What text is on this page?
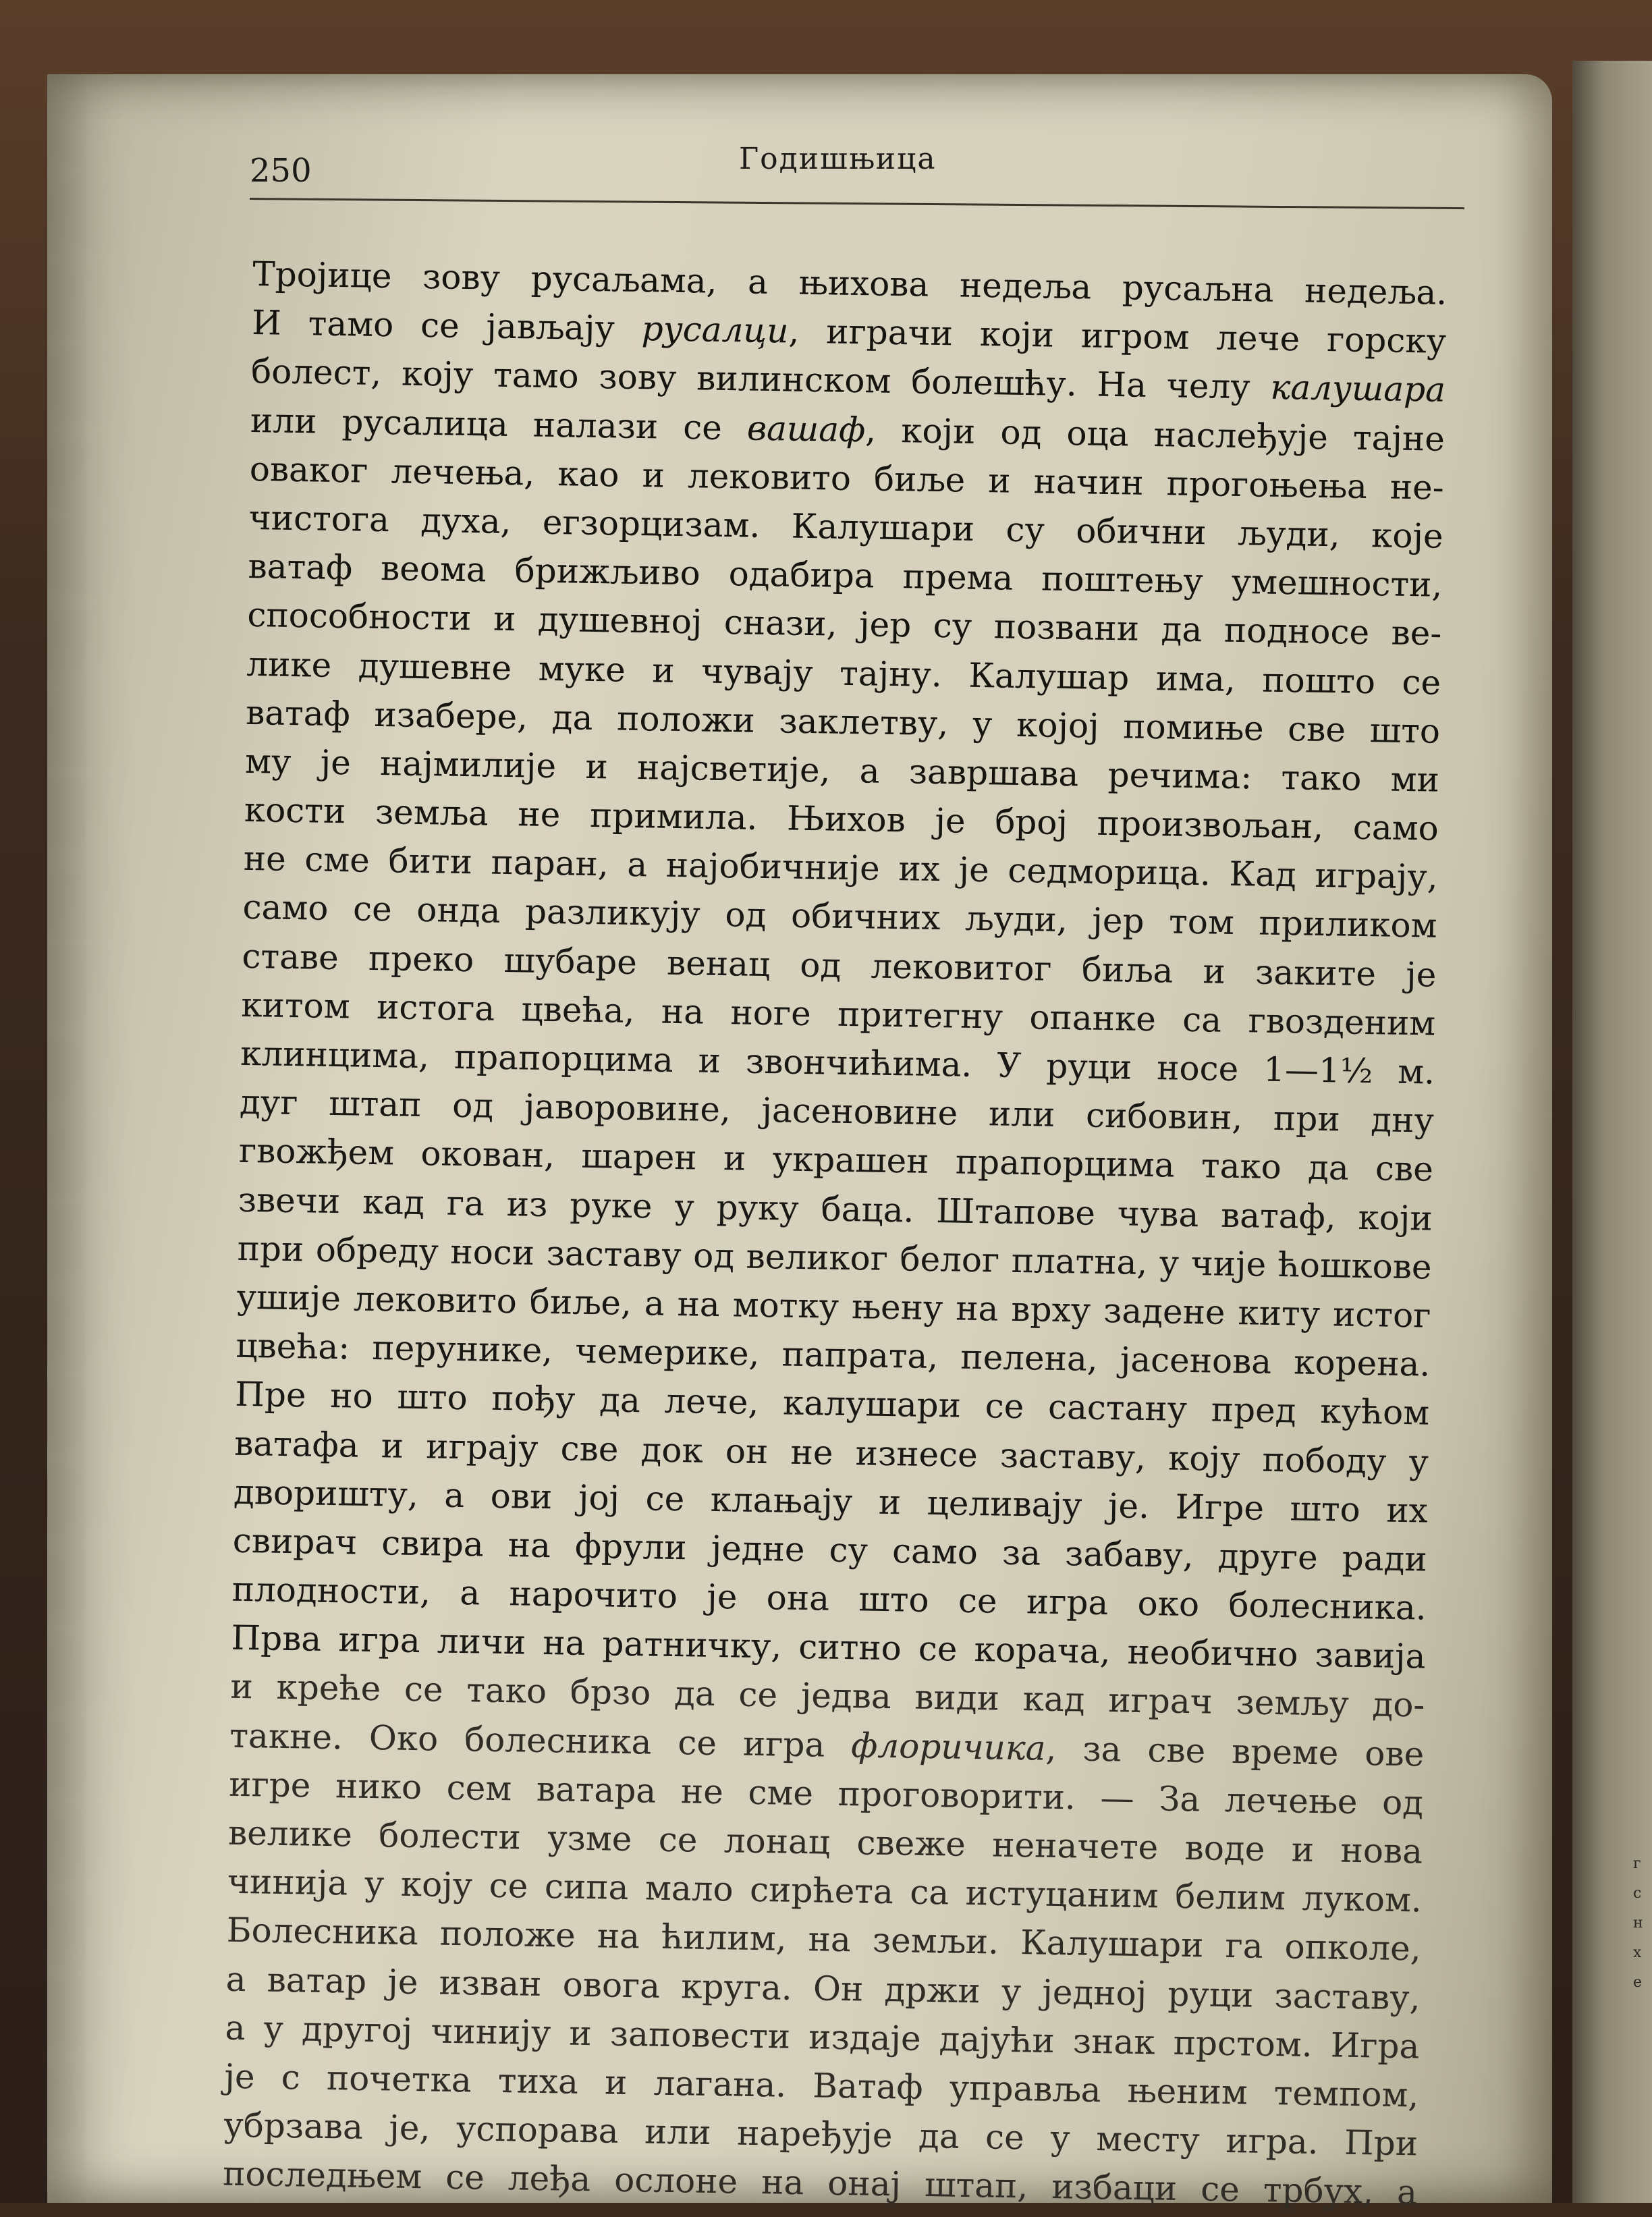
г
с
н
х
е
250	Годишњица
Тројице зову русаљама, а њихова недеља русаљна недеља.
И тамо се јављају русалци, играчи који игром лече горску
болест, коју тамо зову вилинском болешћу. На челу калушара
или русалица налази се вашаф, који од оца наслеђује тајне
оваког лечења, као и лековито биље и начин прогоњења не-
чистога духа, егзорцизам. Калушари су обични људи, које
ватаф веома брижљиво одабира према поштењу умешности,
способности и душевној снази, јер су позвани да подносе ве-
лике душевне муке и чувају тајну. Калушар има, пошто се
ватаф изабере, да положи заклетву, у којој помиње све што
му је најмилије и најсветије, а завршава речима: тако ми
кости земља не примила. Њихов је број произвољан, само
не сме бити паран, а најобичније их је седморица. Кад играју,
само се онда разликују од обичних људи, јер том приликом
ставе преко шубаре венац од лековитог биља и закитe је
китом истога цвећа, на ноге притегну опанке са гвозденим
клинцима, прапорцима и звончићима. У руци носе 1—1½ м.
дуг штап од јаворовине, јасеновине или сибовин, при дну
гвожђем окован, шарен и украшен прапорцима тако да све
звечи кад га из руке у руку баца. Штапове чува ватаф, који
при обреду носи заставу од великог белог платна, у чије ћошкове
ушије лековито биље, а на мотку њену на врху задене киту истог
цвећа: перунике, чемерике, папрата, пелена, јасенова корена.
Пре но што пођу да лече, калушари се састану пред кућом
ватафа и играју све док он не изнесе заставу, коју пободу у
дворишту, а ови јој се клањају и целивају је. Игре што их
свирач свира на фрули једне су само за забаву, друге ради
плодности, а нарочито је она што се игра око болесника.
Прва игра личи на ратничку, ситно се корача, необично завија
и креће се тако брзо да се једва види кад играч земљу до-
такне. Око болесника се игра флоричика, за све време ове
игре нико сем ватара не сме проговорити. — За лечење од
велике болести узме се лонац свеже неначете воде и нова
чинија у коју се сипа мало сирћета са истуцаним белим луком.
Болесника положе на ћилим, на земљи. Калушари га опколе,
а ватар је изван овога круга. Он држи у једној руци заставу,
а у другој чинију и заповести издаје дајући знак прстом. Игра
је с почетка тиха и лагана. Ватаф управља њеним темпом,
убрзава је, успорава или наређује да се у месту игра. При
последњем се леђа ослоне на онај штап, избаци се трбух, а
